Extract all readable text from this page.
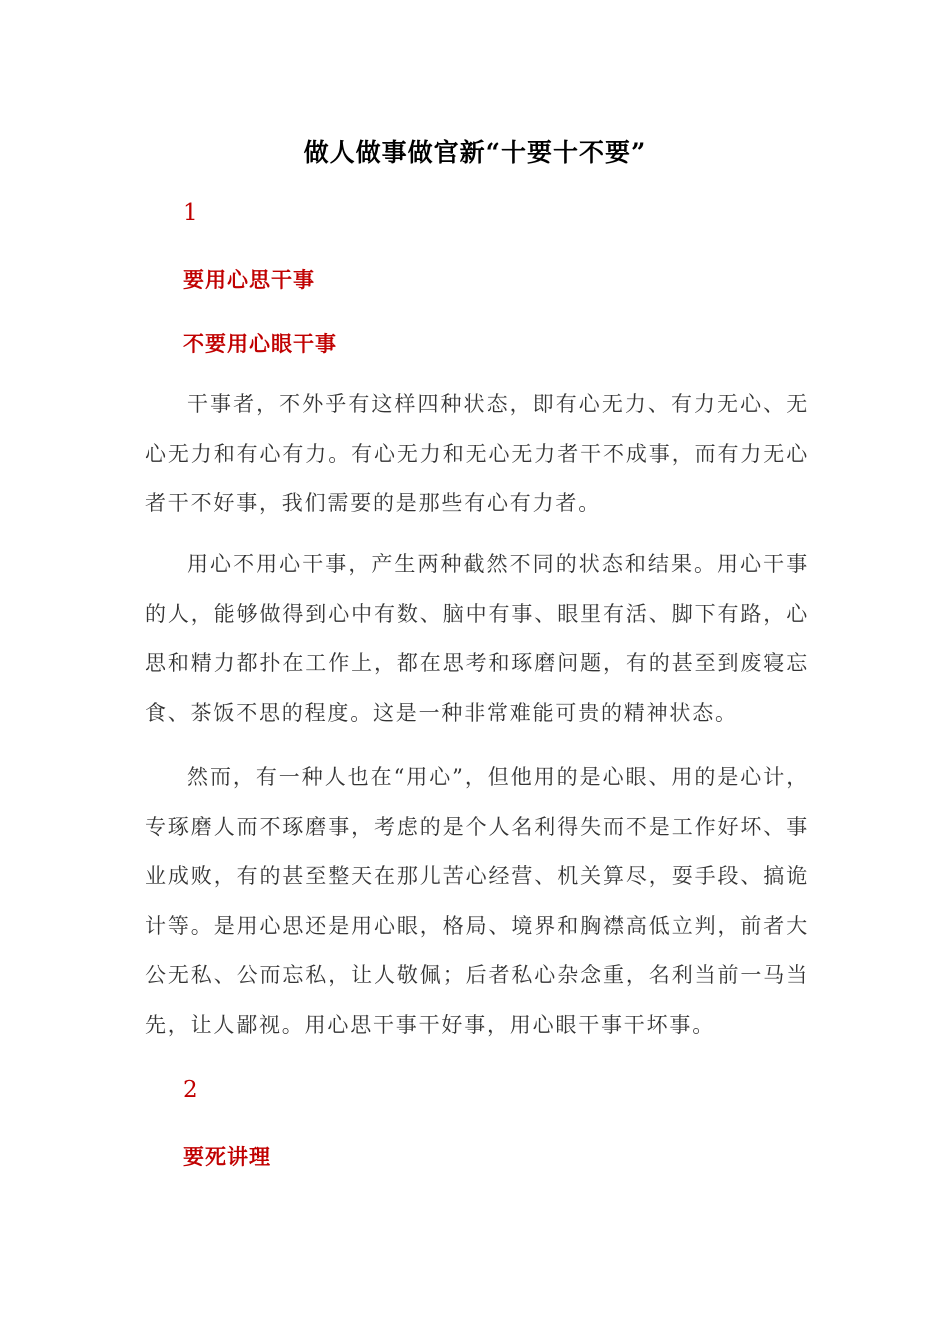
做人做事做官新“十要十不要”
1
要用心思干事
不要用心眼干事
干事者，不外乎有这样四种状态，即有心无力、有力无心、无心无力和有心有力。有心无力和无心无力者干不成事，而有力无心者干不好事，我们需要的是那些有心有力者。
用心不用心干事，产生两种截然不同的状态和结果。用心干事的人，能够做得到心中有数、脑中有事、眼里有活、脚下有路，心思和精力都扑在工作上，都在思考和琢磨问题，有的甚至到废寝忘食、茶饭不思的程度。这是一种非常难能可贵的精神状态。
然而，有一种人也在“用心”，但他用的是心眼、用的是心计，专琢磨人而不琢磨事，考虑的是个人名利得失而不是工作好坏、事业成败，有的甚至整天在那儿苦心经营、机关算尽，耍手段、搞诡计等。是用心思还是用心眼，格局、境界和胸襟高低立判，前者大公无私、公而忘私，让人敬佩；后者私心杂念重，名利当前一马当先，让人鄙视。用心思干事干好事，用心眼干事干坏事。
2
要死讲理
